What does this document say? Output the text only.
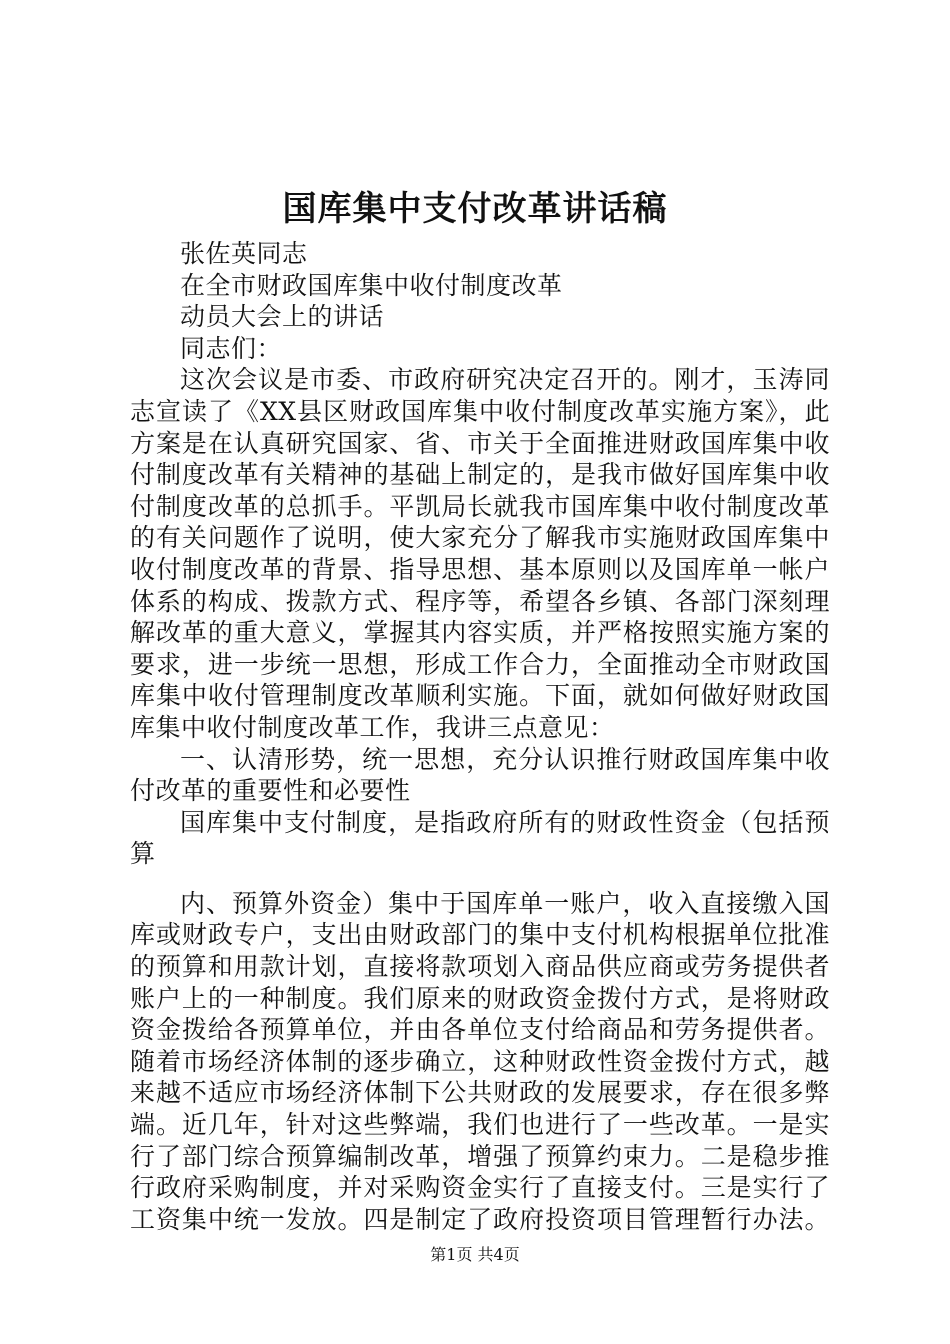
国库集中支付改革讲话稿
张佐英同志
在全市财政国库集中收付制度改革
动员大会上的讲话
同志们：
这次会议是市委、市政府研究决定召开的。刚才，玉涛同
志宣读了《XX县区财政国库集中收付制度改革实施方案》，此
方案是在认真研究国家、省、市关于全面推进财政国库集中收
付制度改革有关精神的基础上制定的，是我市做好国库集中收
付制度改革的总抓手。平凯局长就我市国库集中收付制度改革
的有关问题作了说明，使大家充分了解我市实施财政国库集中
收付制度改革的背景、指导思想、基本原则以及国库单一帐户
体系的构成、拨款方式、程序等，希望各乡镇、各部门深刻理
解改革的重大意义，掌握其内容实质，并严格按照实施方案的
要求，进一步统一思想，形成工作合力，全面推动全市财政国
库集中收付管理制度改革顺利实施。下面，就如何做好财政国
库集中收付制度改革工作，我讲三点意见：
一、认清形势，统一思想，充分认识推行财政国库集中收
付改革的重要性和必要性
国库集中支付制度，是指政府所有的财政性资金（包括预
算
内、预算外资金）集中于国库单一账户，收入直接缴入国
库或财政专户，支出由财政部门的集中支付机构根据单位批准
的预算和用款计划，直接将款项划入商品供应商或劳务提供者
账户上的一种制度。我们原来的财政资金拨付方式，是将财政
资金拨给各预算单位，并由各单位支付给商品和劳务提供者。
随着市场经济体制的逐步确立，这种财政性资金拨付方式，越
来越不适应市场经济体制下公共财政的发展要求，存在很多弊
端。近几年，针对这些弊端，我们也进行了一些改革。一是实
行了部门综合预算编制改革，增强了预算约束力。二是稳步推
行政府采购制度，并对采购资金实行了直接支付。三是实行了
工资集中统一发放。四是制定了政府投资项目管理暂行办法。
第1页 共4页
